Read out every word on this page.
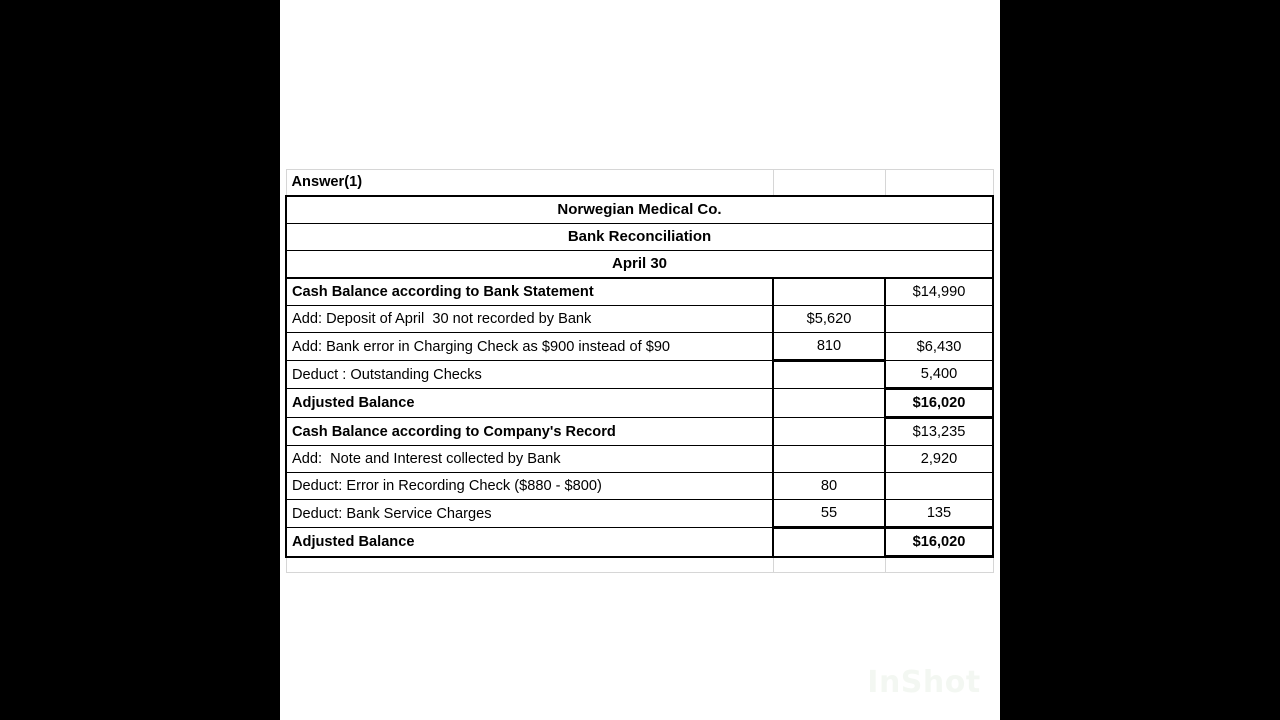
Answer(1)		
Norwegian Medical Co.		
Bank Reconciliation		
April 30		
Cash Balance according to Bank Statement		$14,990
Add: Deposit of April  30 not recorded by Bank	$5,620	
Add: Bank error in Charging Check as $900 instead of $90	810	$6,430
Deduct : Outstanding Checks		5,400
Adjusted Balance		$16,020
Cash Balance according to Company's Record		$13,235
Add:  Note and Interest collected by Bank		2,920
Deduct: Error in Recording Check ($880 - $800)	80	
Deduct: Bank Service Charges	55	135
Adjusted Balance		$16,020

InShot
